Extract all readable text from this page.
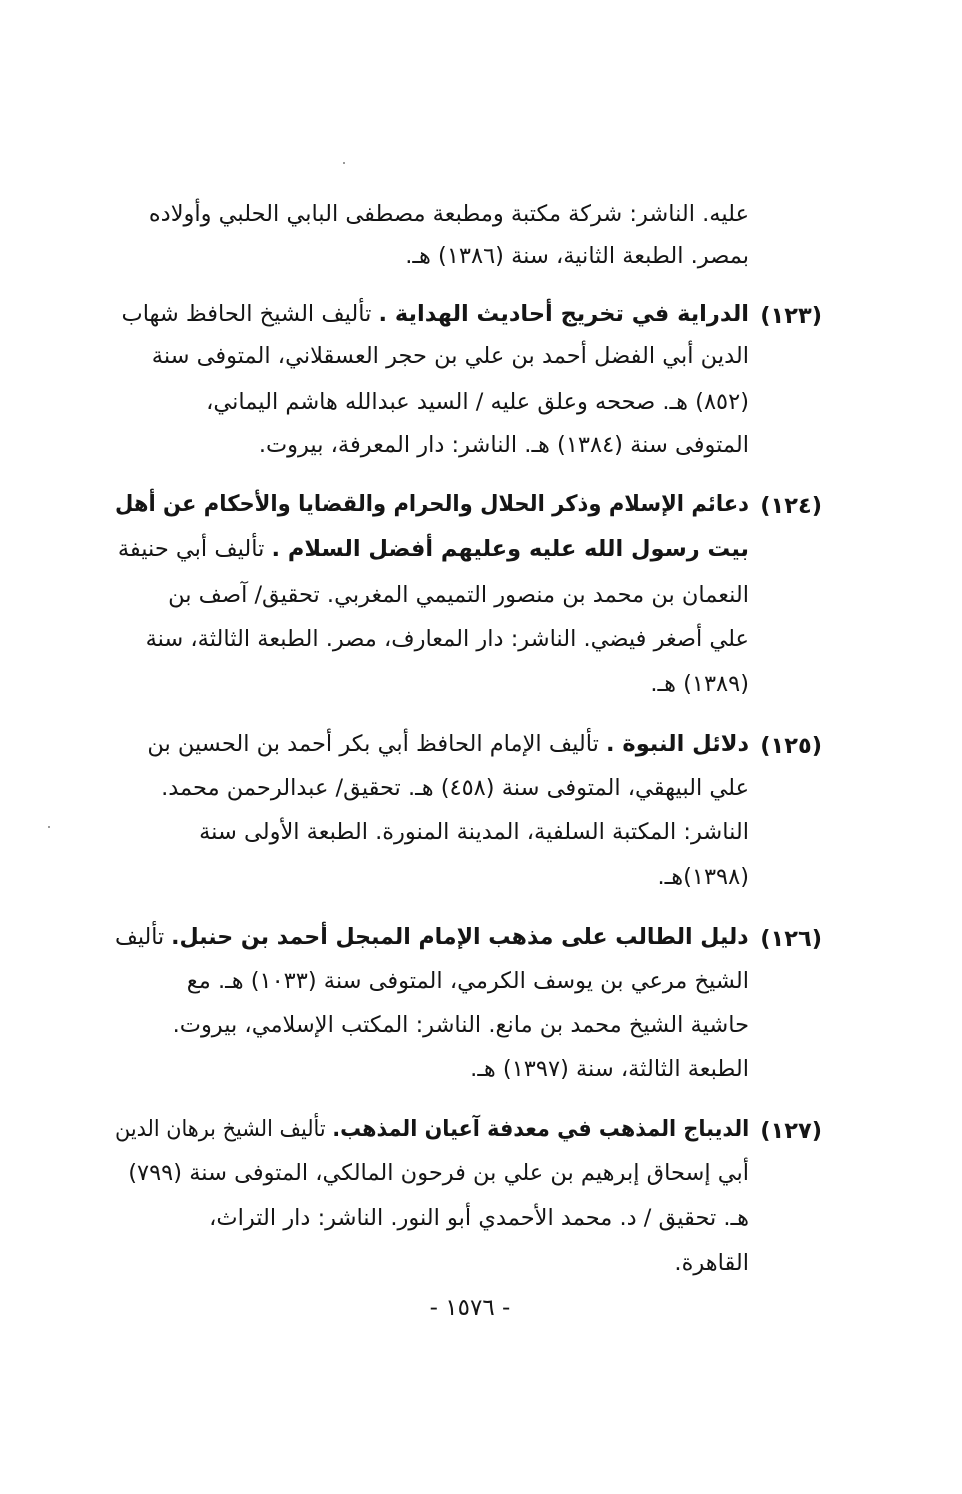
عليه. الناشر: شركة مكتبة ومطبعة مصطفى البابي الحلبي وأولاده
بمصر. الطبعة الثانية، سنة (١٣٨٦) هـ.
(١٢٣)
الدراية في تخريج أحاديث الهداية . تأليف الشيخ الحافظ شهاب
الدين أبي الفضل أحمد بن علي بن حجر العسقلاني، المتوفى سنة
(٨٥٢) هـ. صححه وعلق عليه / السيد عبدالله هاشم اليماني،
المتوفى سنة (١٣٨٤) هـ. الناشر: دار المعرفة، بيروت.
(١٢٤)
دعائم الإسلام وذكر الحلال والحرام والقضايا والأحكام عن أهل
بيت رسول الله عليه وعليهم أفضل السلام . تأليف أبي حنيفة
النعمان بن محمد بن منصور التميمي المغربي. تحقيق/ آصف بن
علي أصغر فيضي. الناشر: دار المعارف، مصر. الطبعة الثالثة، سنة
(١٣٨٩) هـ.
(١٢٥)
دلائل النبوة . تأليف الإمام الحافظ أبي بكر أحمد بن الحسين بن
علي البيهقي، المتوفى سنة (٤٥٨) هـ. تحقيق/ عبدالرحمن محمد.
الناشر: المكتبة السلفية، المدينة المنورة. الطبعة الأولى سنة
(١٣٩٨)هـ.
(١٢٦)
دليل الطالب على مذهب الإمام المبجل أحمد بن حنبل. تأليف
الشيخ مرعي بن يوسف الكرمي، المتوفى سنة (١٠٣٣) هـ. مع
حاشية الشيخ محمد بن مانع. الناشر: المكتب الإسلامي، بيروت.
الطبعة الثالثة، سنة (١٣٩٧) هـ.
(١٢٧)
الديباج المذهب في معدفة آعيان المذهب. تأليف الشيخ برهان الدين
أبي إسحاق إبرهيم بن علي بن فرحون المالكي، المتوفى سنة (٧٩٩)
هـ. تحقيق / د. محمد الأحمدي أبو النور. الناشر: دار التراث،
القاهرة.
- ١٥٧٦ -
